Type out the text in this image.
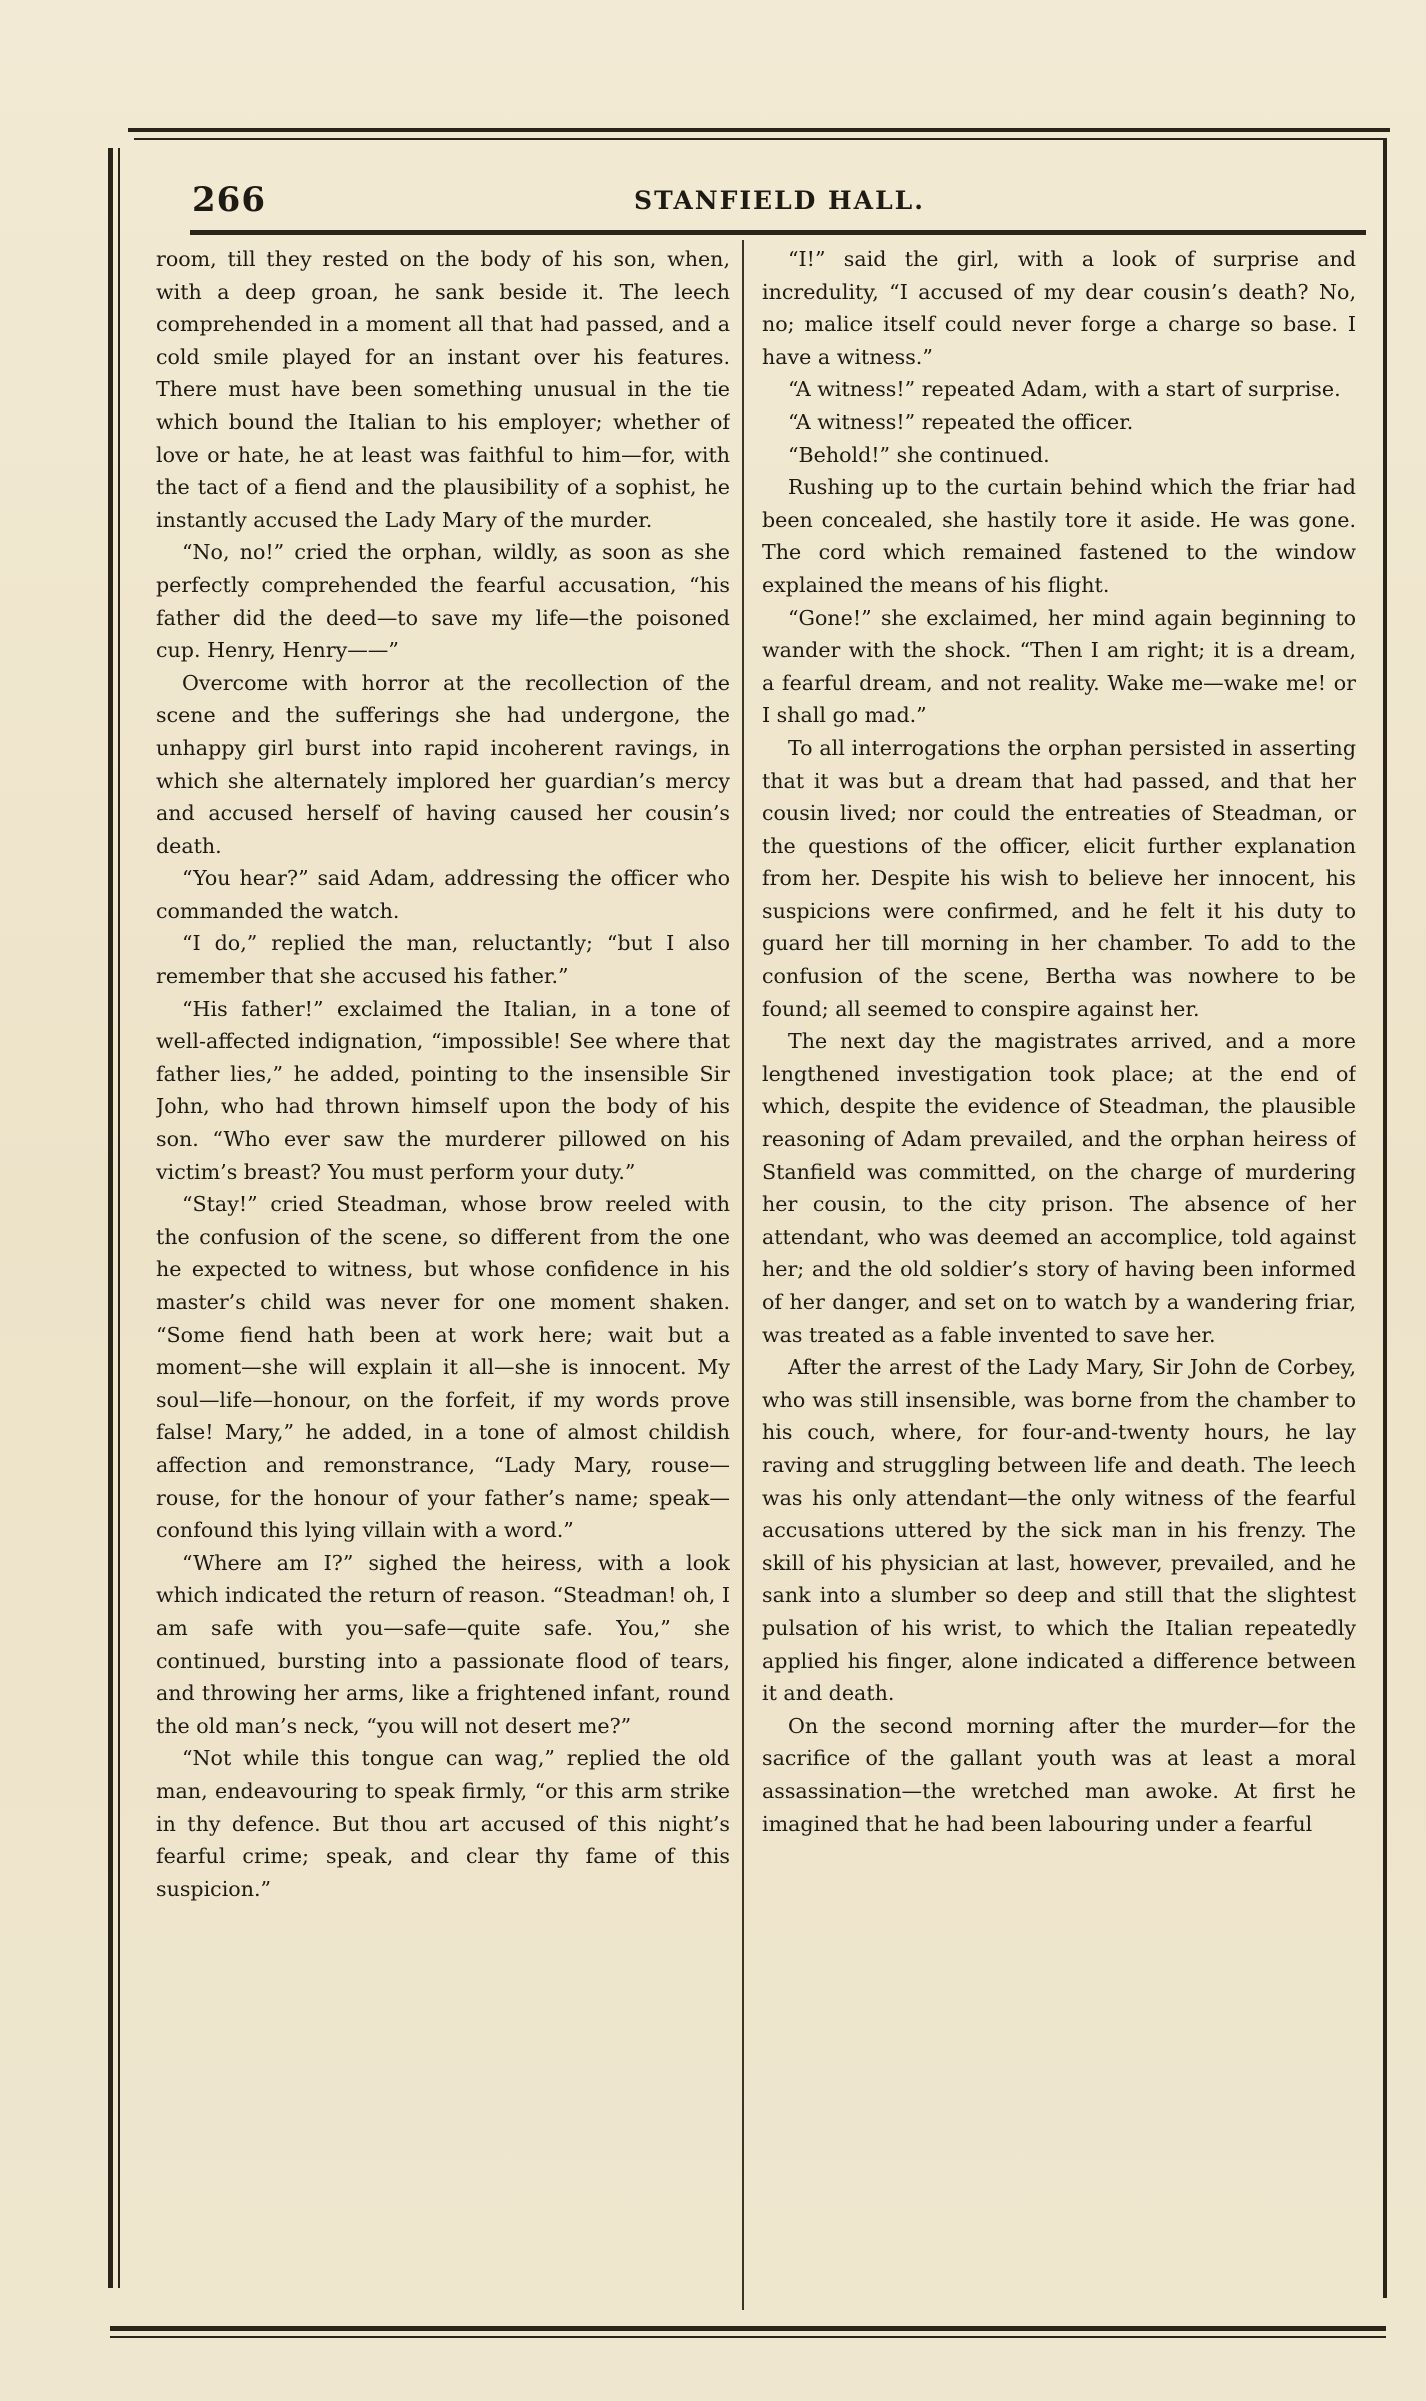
266	STANFIELD HALL.

room, till they rested on the body of his son, when, with a deep groan, he sank beside it. The leech comprehended in a moment all that had passed, and a cold smile played for an instant over his features. There must have been something unusual in the tie which bound the Italian to his employer; whether of love or hate, he at least was faithful to him—for, with the tact of a fiend and the plausibility of a sophist, he instantly accused the Lady Mary of the murder.

“No, no!” cried the orphan, wildly, as soon as she perfectly comprehended the fearful accusation, “his father did the deed—to save my life—the poisoned cup. Henry, Henry——”

Overcome with horror at the recollection of the scene and the sufferings she had undergone, the unhappy girl burst into rapid incoherent ravings, in which she alternately implored her guardian’s mercy and accused herself of having caused her cousin’s death.

“You hear?” said Adam, addressing the officer who commanded the watch.

“I do,” replied the man, reluctantly; “but I also remember that she accused his father.”

“His father!” exclaimed the Italian, in a tone of well-affected indignation, “impossible! See where that father lies,” he added, pointing to the insensible Sir John, who had thrown himself upon the body of his son. “Who ever saw the murderer pillowed on his victim’s breast? You must perform your duty.”

“Stay!” cried Steadman, whose brow reeled with the confusion of the scene, so different from the one he expected to witness, but whose confidence in his master’s child was never for one moment shaken. “Some fiend hath been at work here; wait but a moment—she will explain it all—she is innocent. My soul—life—honour, on the forfeit, if my words prove false! Mary,” he added, in a tone of almost childish affection and remonstrance, “Lady Mary, rouse—rouse, for the honour of your father’s name; speak—confound this lying villain with a word.”

“Where am I?” sighed the heiress, with a look which indicated the return of reason. “Steadman! oh, I am safe with you—safe—quite safe. You,” she continued, bursting into a passionate flood of tears, and throwing her arms, like a frightened infant, round the old man’s neck, “you will not desert me?”

“Not while this tongue can wag,” replied the old man, endeavouring to speak firmly, “or this arm strike in thy defence. But thou art accused of this night’s fearful crime; speak, and clear thy fame of this suspicion.”

“I!” said the girl, with a look of surprise and incredulity, “I accused of my dear cousin’s death? No, no; malice itself could never forge a charge so base. I have a witness.”

“A witness!” repeated Adam, with a start of surprise.

“A witness!” repeated the officer.

“Behold!” she continued.

Rushing up to the curtain behind which the friar had been concealed, she hastily tore it aside. He was gone. The cord which remained fastened to the window explained the means of his flight.

“Gone!” she exclaimed, her mind again beginning to wander with the shock. “Then I am right; it is a dream, a fearful dream, and not reality. Wake me—wake me! or I shall go mad.”

To all interrogations the orphan persisted in asserting that it was but a dream that had passed, and that her cousin lived; nor could the entreaties of Steadman, or the questions of the officer, elicit further explanation from her. Despite his wish to believe her innocent, his suspicions were confirmed, and he felt it his duty to guard her till morning in her chamber. To add to the confusion of the scene, Bertha was nowhere to be found; all seemed to conspire against her.

The next day the magistrates arrived, and a more lengthened investigation took place; at the end of which, despite the evidence of Steadman, the plausible reasoning of Adam prevailed, and the orphan heiress of Stanfield was committed, on the charge of murdering her cousin, to the city prison. The absence of her attendant, who was deemed an accomplice, told against her; and the old soldier’s story of having been informed of her danger, and set on to watch by a wandering friar, was treated as a fable invented to save her.

After the arrest of the Lady Mary, Sir John de Corbey, who was still insensible, was borne from the chamber to his couch, where, for four-and-twenty hours, he lay raving and struggling between life and death. The leech was his only attendant—the only witness of the fearful accusations uttered by the sick man in his frenzy. The skill of his physician at last, however, prevailed, and he sank into a slumber so deep and still that the slightest pulsation of his wrist, to which the Italian repeatedly applied his finger, alone indicated a difference between it and death.

On the second morning after the murder—for the sacrifice of the gallant youth was at least a moral assassination—the wretched man awoke. At first he imagined that he had been labouring under a fearful
